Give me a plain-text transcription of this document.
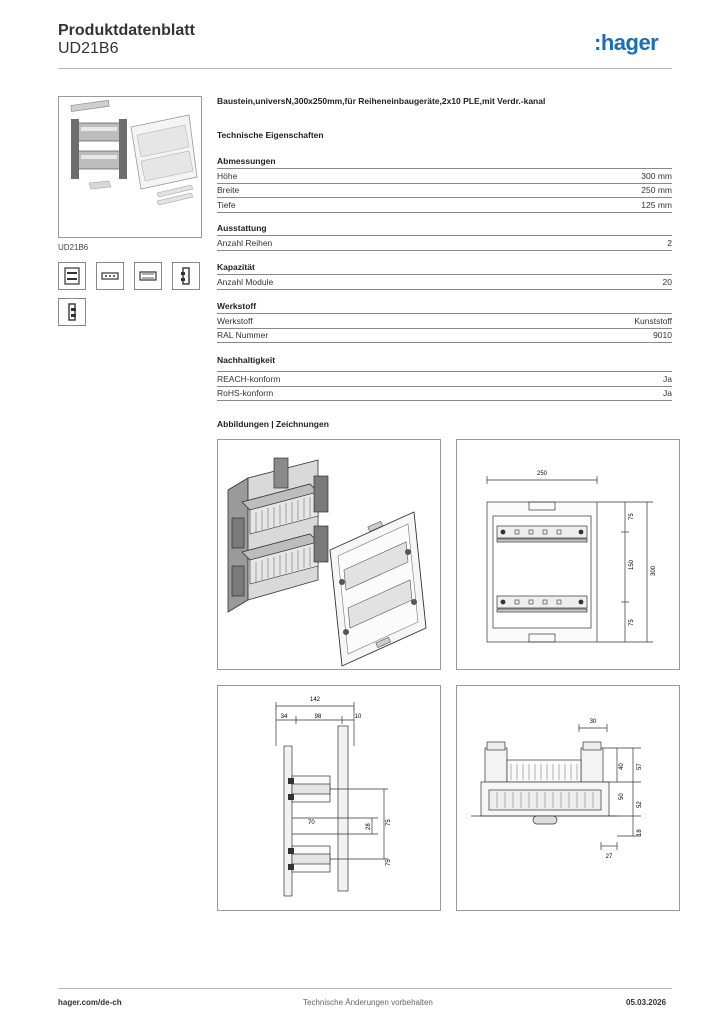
Produktdatenblatt
UD21B6	:hager
UD21B6
Baustein,universN,300x250mm,für Reiheneinbaugeräte,2x10 PLE,mit Verdr.-kanal
Technische Eigenschaften
Abmessungen
Höhe	300 mm
Breite	250 mm
Tiefe	125 mm
Ausstattung
Anzahl Reihen	2
Kapazität
Anzahl Module	20
Werkstoff
Werkstoff	Kunststoff
RAL Nummer	9010
Nachhaltigkeit
REACH-konform	Ja
RoHS-konform	Ja
Abbildungen | Zeichnungen
250
75
150
75
300
142
34	98	10
28
75
70
75
30
40 57
50
52
18
27
hager.com/de-ch	Technische Änderungen vorbehalten	05.03.2026
